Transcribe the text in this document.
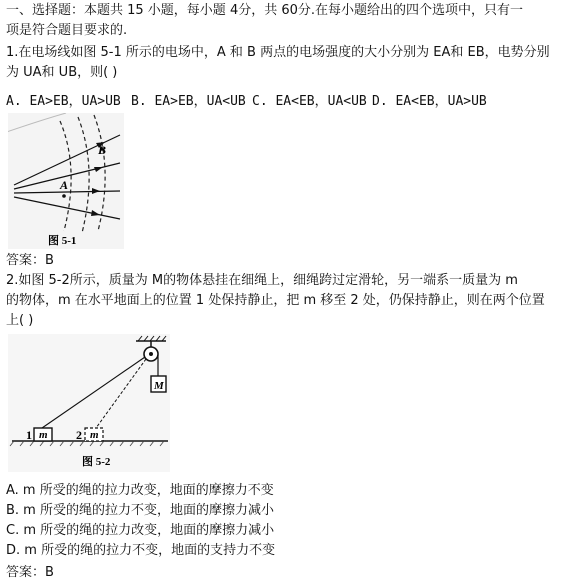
一、选择题：本题共 15 小题，每小题 4分，共 60分.在每小题给出的四个选项中，只有一
项是符合题目要求的.
1.在电场线如图 5-1 所示的电场中，A 和 B 两点的电场强度的大小分别为 EA和 EB，电势分别
为 UA和 UB，则( )
A. EA>EB，UA>UB B. EA>EB，UA<UB C. EA<EB，UA<UB D. EA<EB，UA>UB
A
B
图 5-1
答案：B
2.如图 5-2所示，质量为 M的物体悬挂在细绳上，细绳跨过定滑轮，另一端系一质量为 m
的物体，m 在水平地面上的位置 1 处保持静止，把 m 移至 2 处，仍保持静止，则在两个位置
上( )
M
m
1	m
2
图 5-2
A. m 所受的绳的拉力改变，地面的摩擦力不变
B. m 所受的绳的拉力不变，地面的摩擦力减小
C. m 所受的绳的拉力改变，地面的摩擦力减小
D. m 所受的绳的拉力不变，地面的支持力不变
答案：B
